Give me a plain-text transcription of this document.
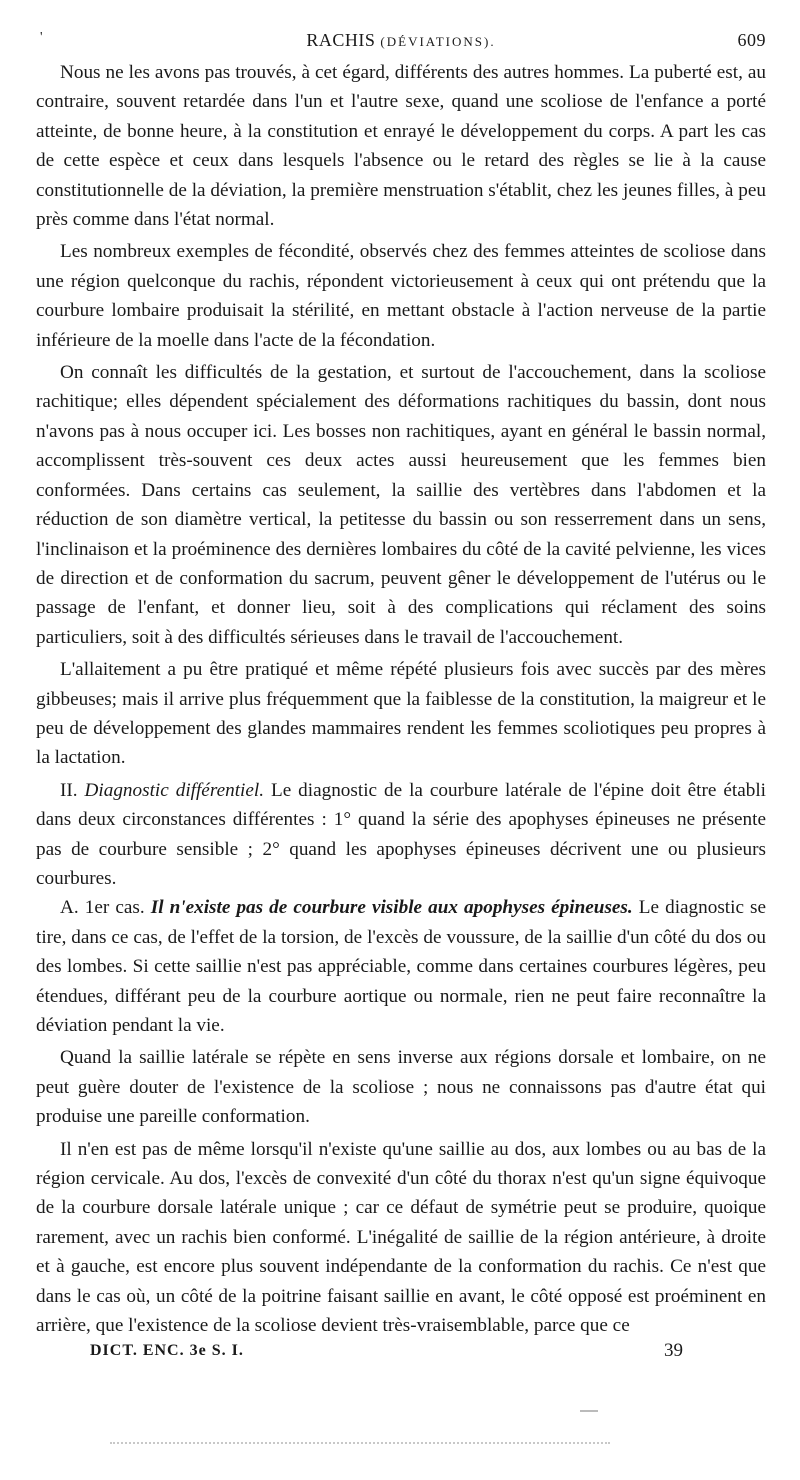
'	RACHIS (DÉVIATIONS).	609

Nous ne les avons pas trouvés, à cet égard, différents des autres hommes. La puberté est, au contraire, souvent retardée dans l'un et l'autre sexe, quand une scoliose de l'enfance a porté atteinte, de bonne heure, à la constitution et enrayé le développement du corps. A part les cas de cette espèce et ceux dans lesquels l'absence ou le retard des règles se lie à la cause constitutionnelle de la déviation, la première menstruation s'établit, chez les jeunes filles, à peu près comme dans l'état normal.

Les nombreux exemples de fécondité, observés chez des femmes atteintes de scoliose dans une région quelconque du rachis, répondent victorieusement à ceux qui ont prétendu que la courbure lombaire produisait la stérilité, en mettant obstacle à l'action nerveuse de la partie inférieure de la moelle dans l'acte de la fécondation.

On connaît les difficultés de la gestation, et surtout de l'accouchement, dans la scoliose rachitique; elles dépendent spécialement des déformations rachitiques du bassin, dont nous n'avons pas à nous occuper ici. Les bosses non rachitiques, ayant en général le bassin normal, accomplissent très-souvent ces deux actes aussi heureusement que les femmes bien conformées. Dans certains cas seulement, la saillie des vertèbres dans l'abdomen et la réduction de son diamètre vertical, la petitesse du bassin ou son resserrement dans un sens, l'inclinaison et la proéminence des dernières lombaires du côté de la cavité pelvienne, les vices de direction et de conformation du sacrum, peuvent gêner le développement de l'utérus ou le passage de l'enfant, et donner lieu, soit à des complications qui réclament des soins particuliers, soit à des difficultés sérieuses dans le travail de l'accouchement.

L'allaitement a pu être pratiqué et même répété plusieurs fois avec succès par des mères gibbeuses; mais il arrive plus fréquemment que la faiblesse de la constitution, la maigreur et le peu de développement des glandes mammaires rendent les femmes scoliotiques peu propres à la lactation.

II. Diagnostic différentiel. Le diagnostic de la courbure latérale de l'épine doit être établi dans deux circonstances différentes : 1° quand la série des apophyses épineuses ne présente pas de courbure sensible ; 2° quand les apophyses épineuses décrivent une ou plusieurs courbures.

A. 1er cas. Il n'existe pas de courbure visible aux apophyses épineuses. Le diagnostic se tire, dans ce cas, de l'effet de la torsion, de l'excès de voussure, de la saillie d'un côté du dos ou des lombes. Si cette saillie n'est pas appréciable, comme dans certaines courbures légères, peu étendues, différant peu de la courbure aortique ou normale, rien ne peut faire reconnaître la déviation pendant la vie.

Quand la saillie latérale se répète en sens inverse aux régions dorsale et lombaire, on ne peut guère douter de l'existence de la scoliose ; nous ne connaissons pas d'autre état qui produise une pareille conformation.

Il n'en est pas de même lorsqu'il n'existe qu'une saillie au dos, aux lombes ou au bas de la région cervicale. Au dos, l'excès de convexité d'un côté du thorax n'est qu'un signe équivoque de la courbure dorsale latérale unique ; car ce défaut de symétrie peut se produire, quoique rarement, avec un rachis bien conformé. L'inégalité de saillie de la région antérieure, à droite et à gauche, est encore plus souvent indépendante de la conformation du rachis. Ce n'est que dans le cas où, un côté de la poitrine faisant saillie en avant, le côté opposé est proéminent en arrière, que l'existence de la scoliose devient très-vraisemblable, parce que ce

DICT. ENC. 3e S. I.	39
